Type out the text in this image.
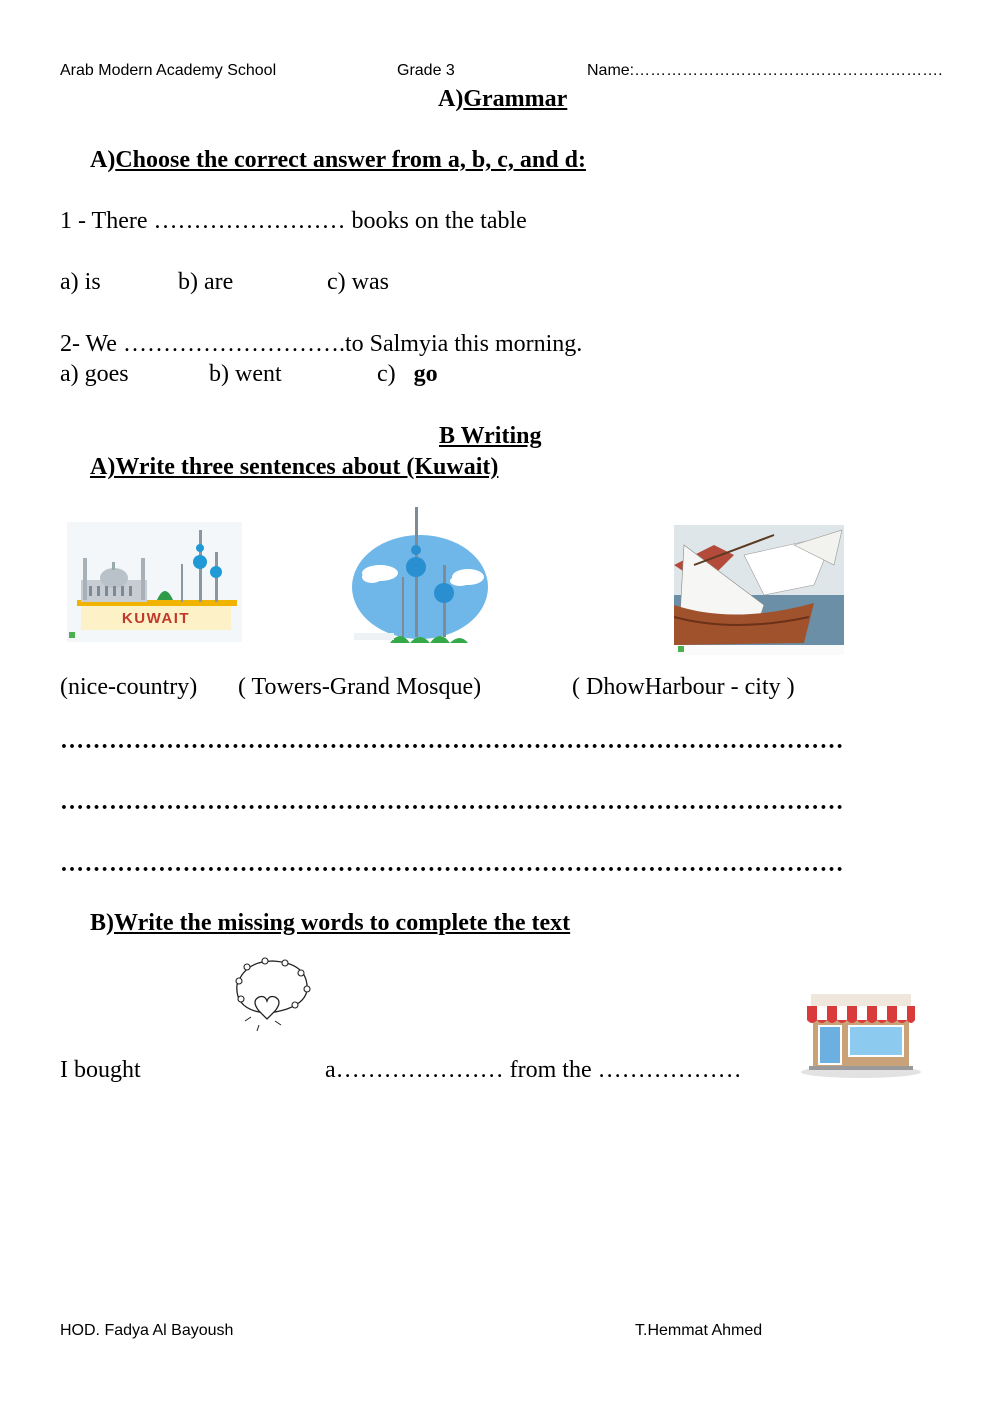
Arab Modern Academy School	Grade 3	Name:………………………………………………….
A)Grammar
A)Choose the correct answer from a, b, c, and d:
1 - There …………………… books on the table
a) is	b) are	c) was
2- We ……………………….to Salmyia this morning.
a) goes	b) went	c) go
B Writing
A)Write three sentences about (Kuwait)
KUWAIT
(nice-country) ( Towers-Grand Mosque)	( DhowHarbour - city )
……………………………………………………………………………………
……………………………………………………………………………………
……………………………………………………………………………………
B)Write the missing words to complete the text
I bought	a………………… from the ………………
HOD. Fadya Al Bayoush	T.Hemmat Ahmed
